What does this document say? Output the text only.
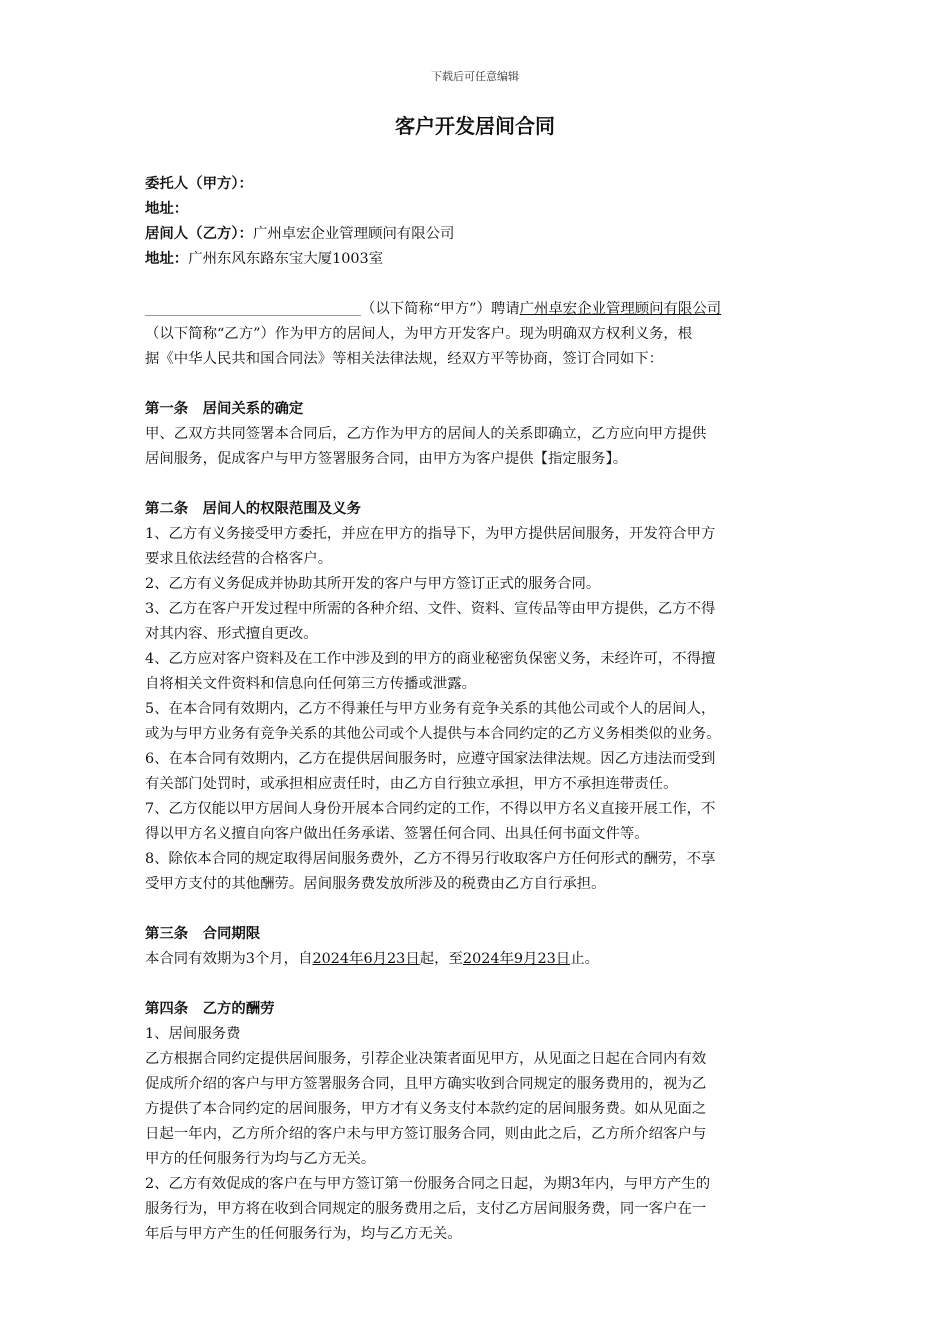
下载后可任意编辑
客户开发居间合同
委托人（甲方）：
地址：
居间人（乙方）：广州卓宏企业管理顾问有限公司
地址：广州东风东路东宝大厦1003室
（以下简称“甲方”）聘请广州卓宏企业管理顾问有限公司
（以下简称“乙方”）作为甲方的居间人，为甲方开发客户。现为明确双方权利义务，根
据《中华人民共和国合同法》等相关法律法规，经双方平等协商，签订合同如下：
第一条　居间关系的确定
甲、乙双方共同签署本合同后，乙方作为甲方的居间人的关系即确立，乙方应向甲方提供
居间服务，促成客户与甲方签署服务合同，由甲方为客户提供【指定服务】。
第二条　居间人的权限范围及义务
1、乙方有义务接受甲方委托，并应在甲方的指导下，为甲方提供居间服务，开发符合甲方
要求且依法经营的合格客户。
2、乙方有义务促成并协助其所开发的客户与甲方签订正式的服务合同。
3、乙方在客户开发过程中所需的各种介绍、文件、资料、宣传品等由甲方提供，乙方不得
对其内容、形式擅自更改。
4、乙方应对客户资料及在工作中涉及到的甲方的商业秘密负保密义务，未经许可，不得擅
自将相关文件资料和信息向任何第三方传播或泄露。
5、在本合同有效期内，乙方不得兼任与甲方业务有竞争关系的其他公司或个人的居间人，
或为与甲方业务有竞争关系的其他公司或个人提供与本合同约定的乙方义务相类似的业务。
6、在本合同有效期内，乙方在提供居间服务时，应遵守国家法律法规。因乙方违法而受到
有关部门处罚时，或承担相应责任时，由乙方自行独立承担，甲方不承担连带责任。
7、乙方仅能以甲方居间人身份开展本合同约定的工作，不得以甲方名义直接开展工作，不
得以甲方名义擅自向客户做出任务承诺、签署任何合同、出具任何书面文件等。
8、除依本合同的规定取得居间服务费外，乙方不得另行收取客户方任何形式的酬劳，不享
受甲方支付的其他酬劳。居间服务费发放所涉及的税费由乙方自行承担。
第三条　合同期限
本合同有效期为3个月，自2024年6月23日起，至2024年9月23日止。
第四条　乙方的酬劳
1、居间服务费
乙方根据合同约定提供居间服务，引荐企业决策者面见甲方，从见面之日起在合同内有效
促成所介绍的客户与甲方签署服务合同，且甲方确实收到合同规定的服务费用的，视为乙
方提供了本合同约定的居间服务，甲方才有义务支付本款约定的居间服务费。如从见面之
日起一年内，乙方所介绍的客户未与甲方签订服务合同，则由此之后，乙方所介绍客户与
甲方的任何服务行为均与乙方无关。
2、乙方有效促成的客户在与甲方签订第一份服务合同之日起，为期3年内，与甲方产生的
服务行为，甲方将在收到合同规定的服务费用之后，支付乙方居间服务费，同一客户在一
年后与甲方产生的任何服务行为，均与乙方无关。
